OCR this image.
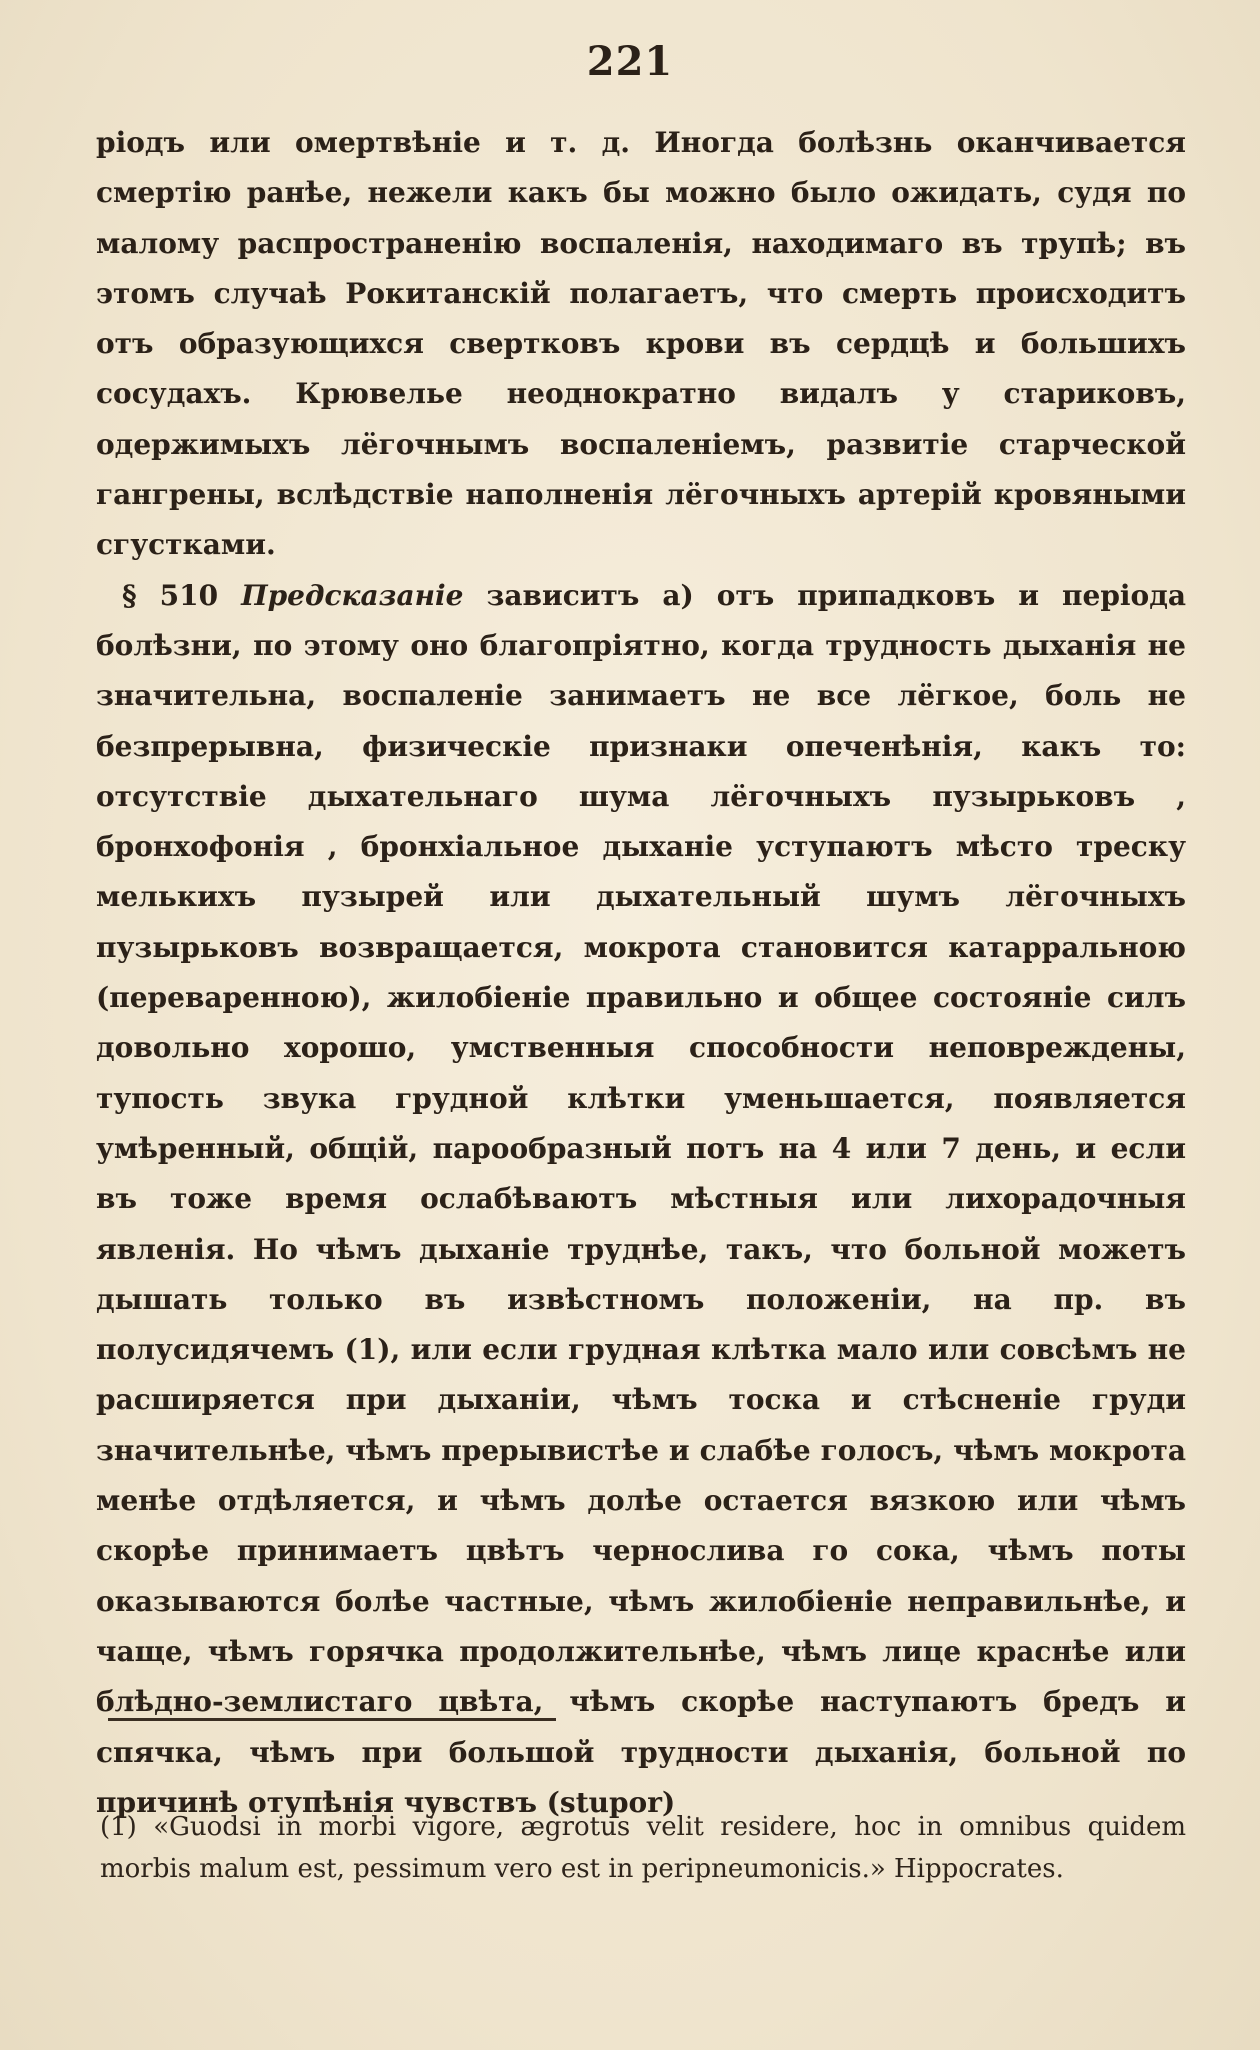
221

ріодъ или омертвѣніе и т. д. Иногда болѣзнь оканчивается смертію ранѣе, нежели какъ бы можно было ожидать, судя по малому распространенію воспаленія, находимаго въ трупѣ; въ этомъ случаѣ Рокитанскій полагаетъ, что смерть происходитъ отъ образующихся свертковъ крови въ сердцѣ и большихъ сосудахъ. Крювелье неоднократно видалъ у стариковъ, одержимыхъ лёгочнымъ воспаленіемъ, развитіе старческой гангрены, вслѣдствіе наполненія лёгочныхъ артерій кровяными сгустками.

§ 510 Предсказаніе зависитъ а) отъ припадковъ и періода болѣзни, по этому оно благопріятно, когда трудность дыханія не значительна, воспаленіе занимаетъ не все лёгкое, боль не безпрерывна, физическіе признаки опеченѣнія, какъ то: отсутствіе дыхательнаго шума лёгочныхъ пузырьковъ , бронхофонія , бронхіальное дыханіе уступаютъ мѣсто треску мелькихъ пузырей или дыхательный шумъ лёгочныхъ пузырьковъ возвращается, мокрота становится катарральною (переваренною), жилобіеніе правильно и общее состояніе силъ довольно хорошо, умственныя способности неповреждены, тупость звука грудной клѣтки уменьшается, появляется умѣренный, общій, парообразный потъ на 4 или 7 день, и если въ тоже время ослабѣваютъ мѣстныя или лихорадочныя явленія. Но чѣмъ дыханіе труднѣе, такъ, что больной можетъ дышать только въ извѣстномъ положеніи, на пр. въ полусидячемъ (1), или если грудная клѣтка мало или совсѣмъ не расширяется при дыханіи, чѣмъ тоска и стѣсненіе груди значительнѣе, чѣмъ прерывистѣе и слабѣе голосъ, чѣмъ мокрота менѣе отдѣляется, и чѣмъ долѣе остается вязкою или чѣмъ скорѣе принимаетъ цвѣтъ чернослива го сока, чѣмъ поты оказываются болѣе частные, чѣмъ жилобіеніе неправильнѣе, и чаще, чѣмъ горячка продолжительнѣе, чѣмъ лице краснѣе или блѣдно-землистаго цвѣта, чѣмъ скорѣе наступаютъ бредъ и спячка, чѣмъ при большой трудности дыханія, больной по причинѣ отупѣнія чувствъ (stupor)

(1) «Guodsi in morbi vigore, ægrotus velit residere, hoc in omnibus quidem morbis malum est, pessimum vero est in peripneumonicis.» Hippocrates.
